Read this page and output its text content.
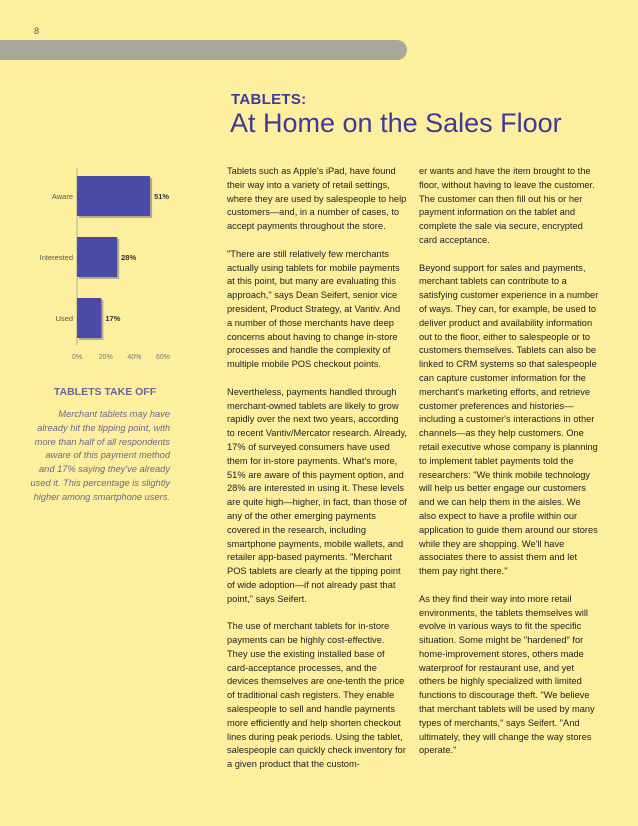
8
TABLETS:
At Home on the Sales Floor
Aware	51%
Interested	28%
Used	17%
0% 20% 40% 60%
TABLETS TAKE OFF
Merchant tablets may have already hit the tipping point, with more than half of all respondents aware of this payment method and 17% saying they've already used it. This percentage is slightly higher among smartphone users.

Tablets such as Apple's iPad, have found their way into a variety of retail settings, where they are used by salespeople to help customers—and, in a number of cases, to accept payments throughout the store.

"There are still relatively few merchants actually using tablets for mobile payments at this point, but many are evaluating this approach," says Dean Seifert, senior vice president, Product Strategy, at Vantiv. And a number of those merchants have deep concerns about having to change in-store processes and handle the complexity of multiple mobile POS checkout points.

Nevertheless, payments handled through merchant-owned tablets are likely to grow rapidly over the next two years, according to recent Vantiv/Mercator research. Already, 17% of surveyed consumers have used them for in-store payments. What's more, 51% are aware of this payment option, and 28% are interested in using it. These levels are quite high—higher, in fact, than those of any of the other emerging payments covered in the research, including smartphone payments, mobile wallets, and retailer app-based payments. "Merchant POS tablets are clearly at the tipping point of wide adoption—if not already past that point," says Seifert.

The use of merchant tablets for in-store payments can be highly cost-effective. They use the existing installed base of card-acceptance processes, and the devices themselves are one-tenth the price of traditional cash registers. They enable salespeople to sell and handle payments more efficiently and help shorten checkout lines during peak periods. Using the tablet, salespeople can quickly check inventory for a given product that the custom-

er wants and have the item brought to the floor, without having to leave the customer. The customer can then fill out his or her payment information on the tablet and complete the sale via secure, encrypted card acceptance.

Beyond support for sales and payments, merchant tablets can contribute to a satisfying customer experience in a number of ways. They can, for example, be used to deliver product and availability information out to the floor, either to salespeople or to customers themselves. Tablets can also be linked to CRM systems so that salespeople can capture customer information for the merchant's marketing efforts, and retrieve customer preferences and histories—including a customer's interactions in other channels—as they help customers. One retail executive whose company is planning to implement tablet payments told the researchers: "We think mobile technology will help us better engage our customers and we can help them in the aisles. We also expect to have a profile within our application to guide them around our stores while they are shopping. We'll have associates there to assist them and let them pay right there."

As they find their way into more retail environments, the tablets themselves will evolve in various ways to fit the specific situation. Some might be "hardened" for home-improvement stores, others made waterproof for restaurant use, and yet others be highly specialized with limited functions to discourage theft. "We believe that merchant tablets will be used by many types of merchants," says Seifert. "And ultimately, they will change the way stores operate."
